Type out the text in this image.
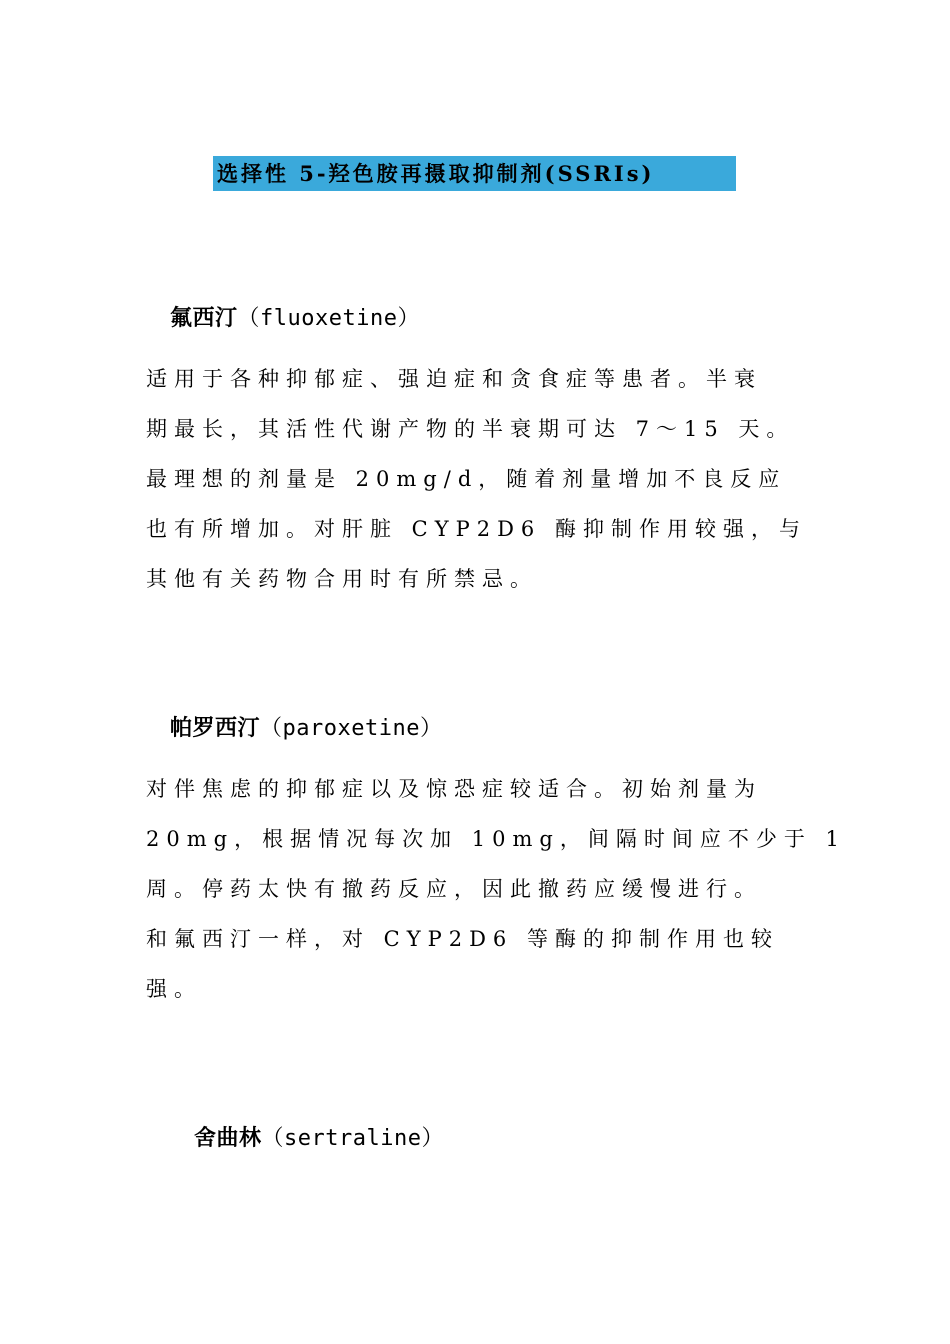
选择性 5-羟色胺再摄取抑制剂(SSRIs)
氟西汀（fluoxetine）
适用于各种抑郁症、强迫症和贪食症等患者。半衰
期最长，其活性代谢产物的半衰期可达 7～15 天。
最理想的剂量是 20mg/d，随着剂量增加不良反应
也有所增加。对肝脏 CYP2D6 酶抑制作用较强，与
其他有关药物合用时有所禁忌。
帕罗西汀（paroxetine）
对伴焦虑的抑郁症以及惊恐症较适合。初始剂量为
20mg，根据情况每次加 10mg，间隔时间应不少于 1
周。停药太快有撤药反应，因此撤药应缓慢进行。
和氟西汀一样，对 CYP2D6 等酶的抑制作用也较
强。
舍曲林（sertraline）
